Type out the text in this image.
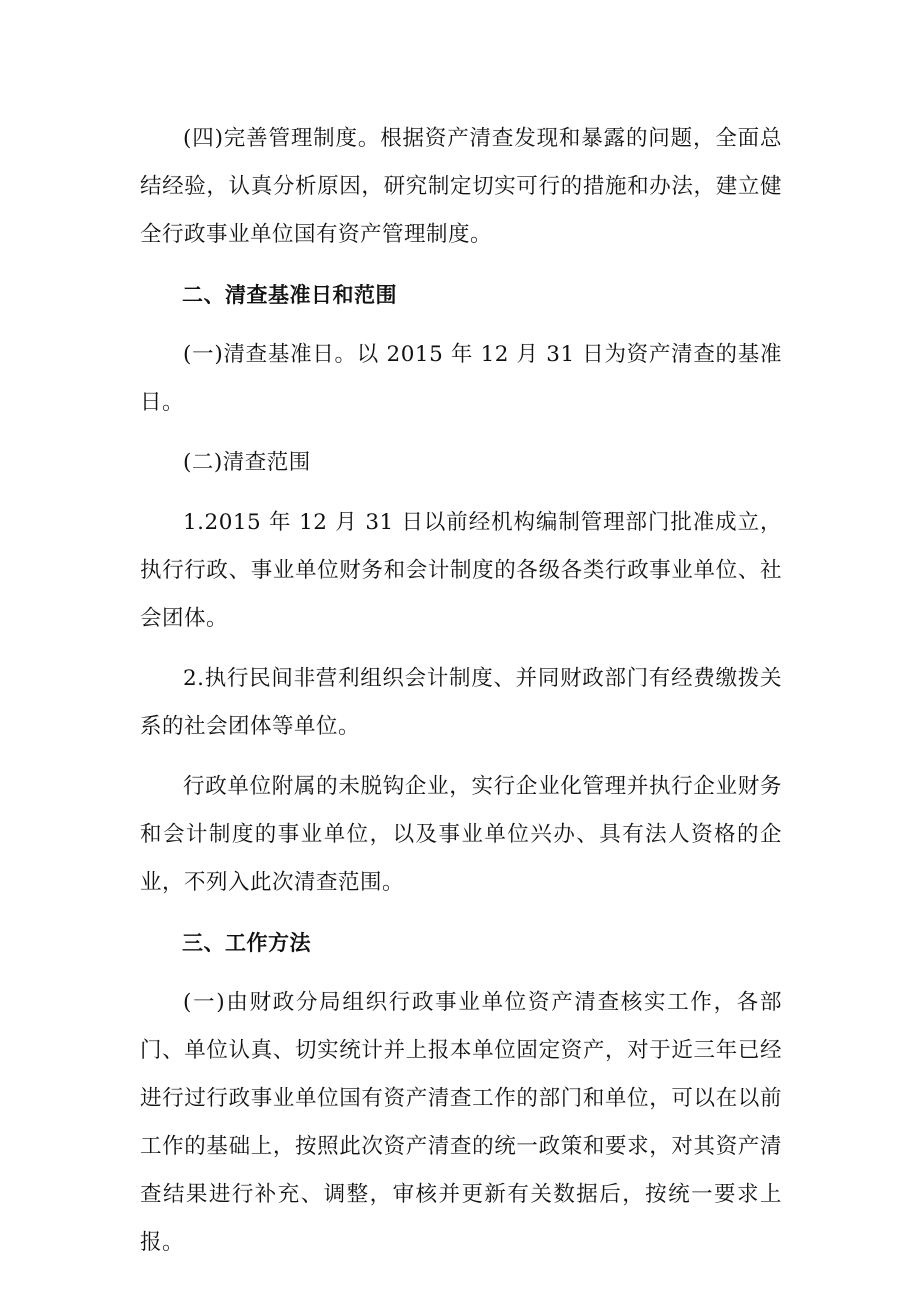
(四)完善管理制度。根据资产清查发现和暴露的问题，全面总结经验，认真分析原因，研究制定切实可行的措施和办法，建立健全行政事业单位国有资产管理制度。

二、清查基准日和范围

(一)清查基准日。以 2015 年 12 月 31 日为资产清查的基准日。

(二)清查范围

1.2015 年 12 月 31 日以前经机构编制管理部门批准成立，执行行政、事业单位财务和会计制度的各级各类行政事业单位、社会团体。

2.执行民间非营利组织会计制度、并同财政部门有经费缴拨关系的社会团体等单位。

行政单位附属的未脱钩企业，实行企业化管理并执行企业财务和会计制度的事业单位，以及事业单位兴办、具有法人资格的企业，不列入此次清查范围。

三、工作方法

(一)由财政分局组织行政事业单位资产清查核实工作，各部门、单位认真、切实统计并上报本单位固定资产，对于近三年已经进行过行政事业单位国有资产清查工作的部门和单位，可以在以前工作的基础上，按照此次资产清查的统一政策和要求，对其资产清查结果进行补充、调整，审核并更新有关数据后，按统一要求上报。
